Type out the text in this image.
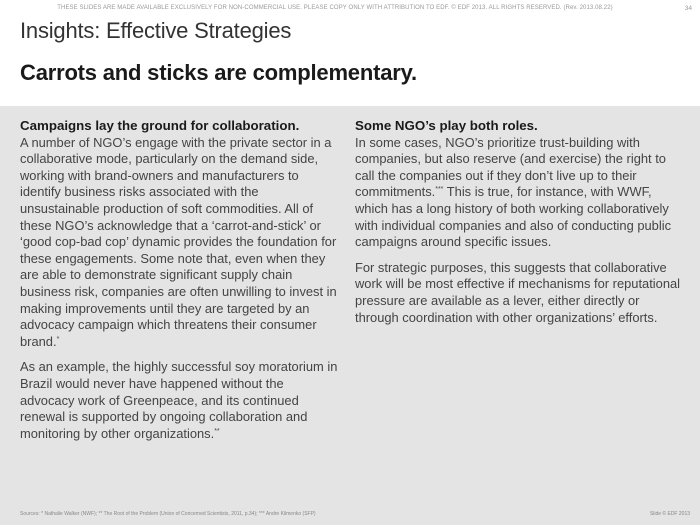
THESE SLIDES ARE MADE AVAILABLE EXCLUSIVELY FOR NON-COMMERCIAL USE. PLEASE COPY ONLY WITH ATTRIBUTION TO EDF. © EDF 2013. ALL RIGHTS RESERVED. (Rev. 2013.08.22)	34
Insights: Effective Strategies
Carrots and sticks are complementary.
Campaigns lay the ground for collaboration.

A number of NGO’s engage with the private sector in a collaborative mode, particularly on the demand side, working with brand-owners and manufacturers to identify business risks associated with the unsustainable production of soft commodities. All of these NGO’s acknowledge that a ‘carrot-and-stick’ or ‘good cop-bad cop’ dynamic provides the foundation for these engagements. Some note that, even when they are able to demonstrate significant supply chain business risk, companies are often unwilling to invest in making improvements until they are targeted by an advocacy campaign which threatens their consumer brand.*

As an example, the highly successful soy moratorium in Brazil would never have happened without the advocacy work of Greenpeace, and its continued renewal is supported by ongoing collaboration and monitoring by other organizations.**

Some NGO’s play both roles.

In some cases, NGO’s prioritize trust-building with companies, but also reserve (and exercise) the right to call the companies out if they don’t live up to their commitments.*** This is true, for instance, with WWF, which has a long history of both working collaboratively with individual companies and also of conducting public campaigns around specific issues.

For strategic purposes, this suggests that collaborative work will be most effective if mechanisms for reputational pressure are available as a lever, either directly or through coordination with other organizations’ efforts.

Sources: * Nathalie Walker (NWF); ** The Root of the Problem (Union of Concerned Scientists, 2011, p.34); *** Andre Kilmenko (SFP)	Slide © EDF 2013
